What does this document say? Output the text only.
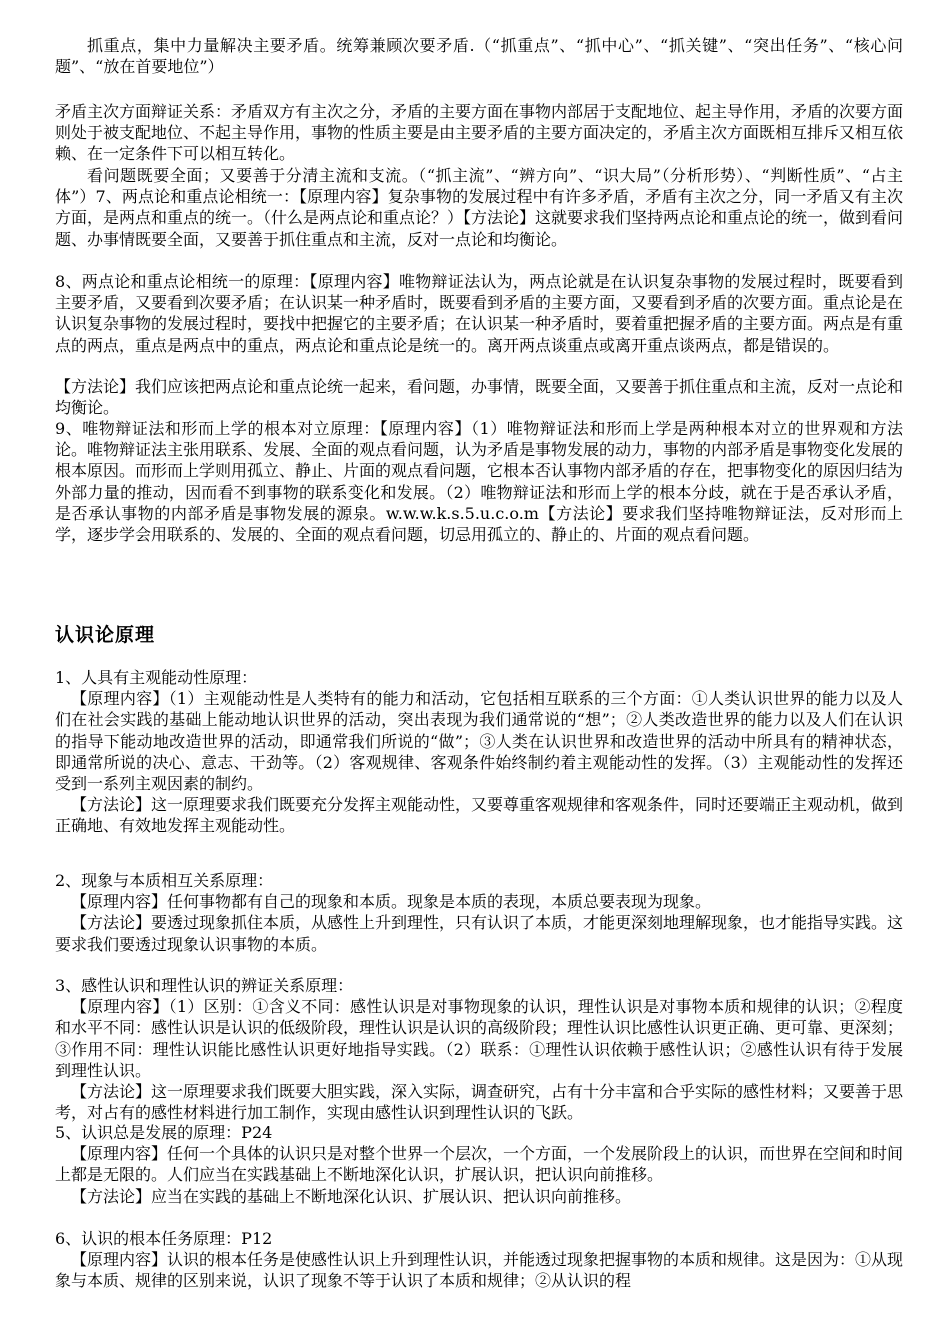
抓重点，集中力量解决主要矛盾。统筹兼顾次要矛盾.（“抓重点”、“抓中心”、“抓关键”、“突出任务”、“核心问题”、“放在首要地位”）

矛盾主次方面辩证关系：矛盾双方有主次之分，矛盾的主要方面在事物内部居于支配地位、起主导作用，矛盾的次要方面则处于被支配地位、不起主导作用，事物的性质主要是由主要矛盾的主要方面决定的，矛盾主次方面既相互排斥又相互依赖、在一定条件下可以相互转化。

看问题既要全面；又要善于分清主流和支流。（“抓主流”、“辨方向”、“识大局”（分析形势）、“判断性质”、“占主体”）7、两点论和重点论相统一：【原理内容】复杂事物的发展过程中有许多矛盾，矛盾有主次之分，同一矛盾又有主次方面，是两点和重点的统一。（什么是两点论和重点论？）【方法论】这就要求我们坚持两点论和重点论的统一，做到看问题、办事情既要全面，又要善于抓住重点和主流，反对一点论和均衡论。

8、两点论和重点论相统一的原理：【原理内容】唯物辩证法认为，两点论就是在认识复杂事物的发展过程时，既要看到主要矛盾，又要看到次要矛盾；在认识某一种矛盾时，既要看到矛盾的主要方面，又要看到矛盾的次要方面。重点论是在认识复杂事物的发展过程时，要找中把握它的主要矛盾；在认识某一种矛盾时，要着重把握矛盾的主要方面。两点是有重点的两点，重点是两点中的重点，两点论和重点论是统一的。离开两点谈重点或离开重点谈两点，都是错误的。

【方法论】我们应该把两点论和重点论统一起来，看问题，办事情，既要全面，又要善于抓住重点和主流，反对一点论和均衡论。

9、唯物辩证法和形而上学的根本对立原理：【原理内容】（1）唯物辩证法和形而上学是两种根本对立的世界观和方法论。唯物辩证法主张用联系、发展、全面的观点看问题，认为矛盾是事物发展的动力，事物的内部矛盾是事物变化发展的根本原因。而形而上学则用孤立、静止、片面的观点看问题，它根本否认事物内部矛盾的存在，把事物变化的原因归结为外部力量的推动，因而看不到事物的联系变化和发展。（2）唯物辩证法和形而上学的根本分歧，就在于是否承认矛盾，是否承认事物的内部矛盾是事物发展的源泉。w.w.w.k.s.5.u.c.o.m【方法论】要求我们坚持唯物辩证法，反对形而上学，逐步学会用联系的、发展的、全面的观点看问题，切忌用孤立的、静止的、片面的观点看问题。

认识论原理
1、人具有主观能动性原理：
【原理内容】（1）主观能动性是人类特有的能力和活动，它包括相互联系的三个方面：①人类认识世界的能力以及人们在社会实践的基础上能动地认识世界的活动，突出表现为我们通常说的“想”；②人类改造世界的能力以及人们在认识的指导下能动地改造世界的活动，即通常我们所说的“做”；③人类在认识世界和改造世界的活动中所具有的精神状态，即通常所说的决心、意志、干劲等。（2）客观规律、客观条件始终制约着主观能动性的发挥。（3）主观能动性的发挥还受到一系列主观因素的制约。
【方法论】这一原理要求我们既要充分发挥主观能动性，又要尊重客观规律和客观条件，同时还要端正主观动机，做到正确地、有效地发挥主观能动性。
2、现象与本质相互关系原理：
【原理内容】任何事物都有自己的现象和本质。现象是本质的表现，本质总要表现为现象。
【方法论】要透过现象抓住本质，从感性上升到理性，只有认识了本质，才能更深刻地理解现象，也才能指导实践。这要求我们要透过现象认识事物的本质。
3、感性认识和理性认识的辨证关系原理：
【原理内容】（1）区别：①含义不同：感性认识是对事物现象的认识，理性认识是对事物本质和规律的认识；②程度和水平不同：感性认识是认识的低级阶段，理性认识是认识的高级阶段；理性认识比感性认识更正确、更可靠、更深刻；③作用不同：理性认识能比感性认识更好地指导实践。（2）联系：①理性认识依赖于感性认识；②感性认识有待于发展到理性认识。
【方法论】这一原理要求我们既要大胆实践，深入实际，调查研究，占有十分丰富和合乎实际的感性材料；又要善于思考，对占有的感性材料进行加工制作，实现由感性认识到理性认识的飞跃。
5、认识总是发展的原理：P24
【原理内容】任何一个具体的认识只是对整个世界一个层次，一个方面，一个发展阶段上的认识，而世界在空间和时间上都是无限的。人们应当在实践基础上不断地深化认识，扩展认识，把认识向前推移。
【方法论】应当在实践的基础上不断地深化认识、扩展认识、把认识向前推移。
6、认识的根本任务原理：P12
【原理内容】认识的根本任务是使感性认识上升到理性认识，并能透过现象把握事物的本质和规律。这是因为：①从现象与本质、规律的区别来说，认识了现象不等于认识了本质和规律；②从认识的程
